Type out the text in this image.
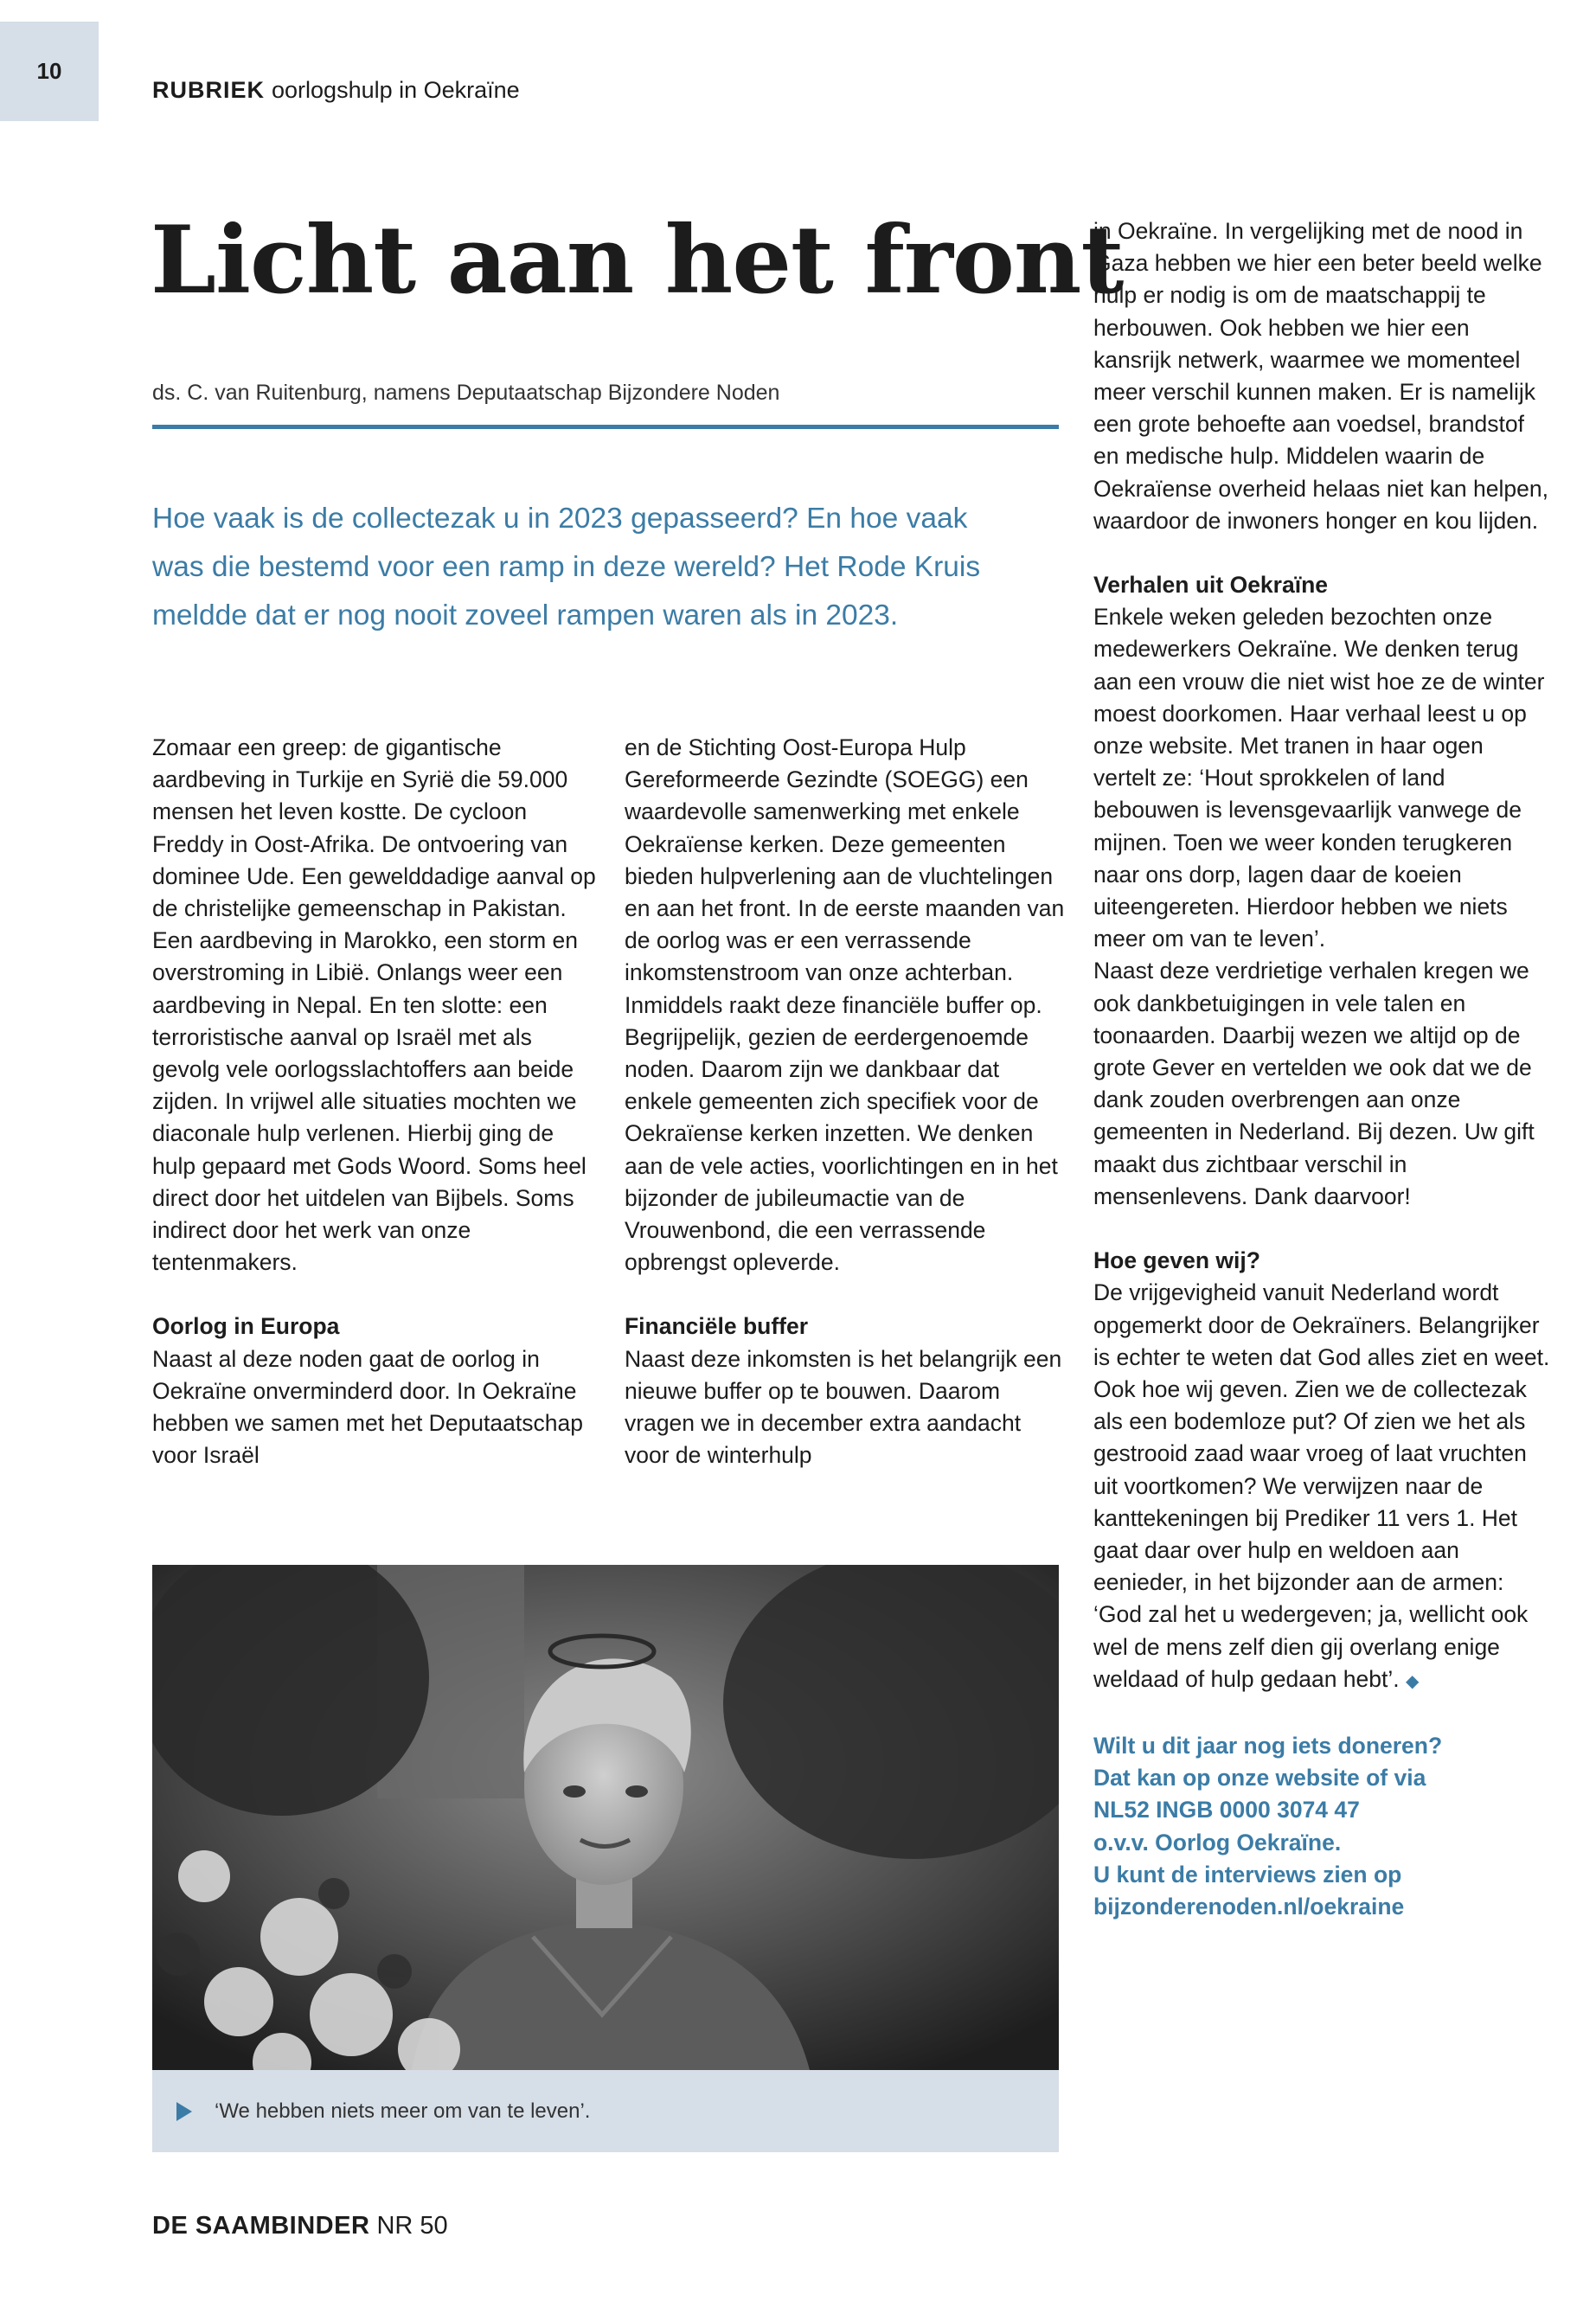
10
RUBRIEK oorlogshulp in Oekraïne
Licht aan het front
ds. C. van Ruitenburg, namens Deputaatschap Bijzondere Noden

Hoe vaak is de collectezak u in 2023 gepasseerd? En hoe vaak was die bestemd voor een ramp in deze wereld? Het Rode Kruis meldde dat er nog nooit zoveel rampen waren als in 2023.

Zomaar een greep: de gigantische aardbeving in Turkije en Syrië die 59.000 mensen het leven kostte. De cycloon Freddy in Oost-Afrika. De ontvoering van dominee Ude. Een gewelddadige aanval op de christelijke gemeenschap in Pakistan. Een aardbeving in Marokko, een storm en overstroming in Libië. Onlangs weer een aardbeving in Nepal. En ten slotte: een terroristische aanval op Israël met als gevolg vele oorlogsslachtoffers aan beide zijden. In vrijwel alle situaties mochten we diaconale hulp verlenen. Hierbij ging de hulp gepaard met Gods Woord. Soms heel direct door het uitdelen van Bijbels. Soms indirect door het werk van onze tentenmakers.

Oorlog in Europa

Naast al deze noden gaat de oorlog in Oekraïne onverminderd door. In Oekraïne hebben we samen met het Deputaatschap voor Israël

en de Stichting Oost-Europa Hulp Gereformeerde Gezindte (SOEGG) een waardevolle samenwerking met enkele Oekraïense kerken. Deze gemeenten bieden hulpverlening aan de vluchtelingen en aan het front. In de eerste maanden van de oorlog was er een verrassende inkomstenstroom van onze achterban. Inmiddels raakt deze financiële buffer op. Begrijpelijk, gezien de eerdergenoemde noden. Daarom zijn we dankbaar dat enkele gemeenten zich specifiek voor de Oekraïense kerken inzetten. We denken aan de vele acties, voorlichtingen en in het bijzonder de jubileumactie van de Vrouwenbond, die een verrassende opbrengst opleverde.

Financiële buffer

Naast deze inkomsten is het belangrijk een nieuwe buffer op te bouwen. Daarom vragen we in december extra aandacht voor de winterhulp

in Oekraïne. In vergelijking met de nood in Gaza hebben we hier een beter beeld welke hulp er nodig is om de maatschappij te herbouwen. Ook hebben we hier een kansrijk netwerk, waarmee we momenteel meer verschil kunnen maken. Er is namelijk een grote behoefte aan voedsel, brandstof en medische hulp. Middelen waarin de Oekraïense overheid helaas niet kan helpen, waardoor de inwoners honger en kou lijden.

Verhalen uit Oekraïne

Enkele weken geleden bezochten onze medewerkers Oekraïne. We denken terug aan een vrouw die niet wist hoe ze de winter moest doorkomen. Haar verhaal leest u op onze website. Met tranen in haar ogen vertelt ze: ‘Hout sprokkelen of land bebouwen is levensgevaarlijk vanwege de mijnen. Toen we weer konden terugkeren naar ons dorp, lagen daar de koeien uiteengereten. Hierdoor hebben we niets meer om van te leven’.

Naast deze verdrietige verhalen kregen we ook dankbetuigingen in vele talen en toonaarden. Daarbij wezen we altijd op de grote Gever en vertelden we ook dat we de dank zouden overbrengen aan onze gemeenten in Nederland. Bij dezen. Uw gift maakt dus zichtbaar verschil in mensenlevens. Dank daarvoor!

Hoe geven wij?

De vrijgevigheid vanuit Nederland wordt opgemerkt door de Oekraïners. Belangrijker is echter te weten dat God alles ziet en weet. Ook hoe wij geven. Zien we de collectezak als een bodemloze put? Of zien we het als gestrooid zaad waar vroeg of laat vruchten uit voortkomen? We verwijzen naar de kanttekeningen bij Prediker 11 vers 1. Het gaat daar over hulp en weldoen aan eenieder, in het bijzonder aan de armen: ‘God zal het u wedergeven; ja, wellicht ook wel de mens zelf dien gij overlang enige weldaad of hulp gedaan hebt’. ◆

Wilt u dit jaar nog iets doneren?
Dat kan op onze website of via
NL52 INGB 0000 3074 47
o.v.v. Oorlog Oekraïne.
U kunt de interviews zien op
bijzonderenoden.nl/oekraine
‘We hebben niets meer om van te leven’.
DE SAAMBINDER NR 50
